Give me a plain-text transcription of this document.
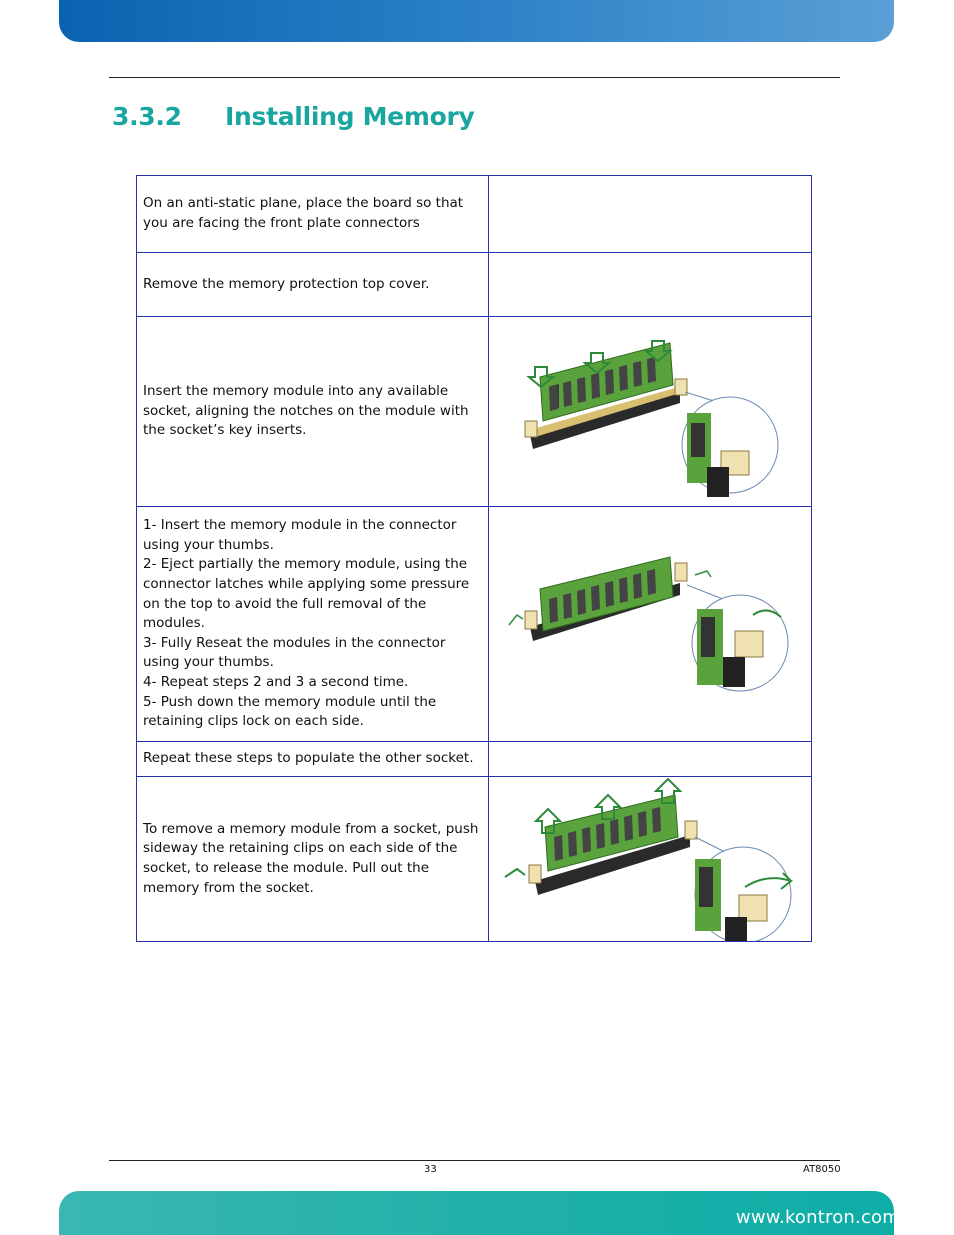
3.3.2 Installing Memory
On an anti-static plane, place the board so that you are facing the front plate connectors	
Remove the memory protection top cover.	
Insert the memory module into any available socket, aligning the notches on the module with the socket’s key inserts.	

1- Insert the memory module in the connector using your thumbs.
2- Eject partially the memory module, using the connector latches while applying some pressure on the top to avoid the full removal of the modules.
3- Fully Reseat the modules in the connector using your thumbs.
4- Repeat steps 2 and 3 a second time.
5- Push down the memory module until the retaining clips lock on each side.	

Repeat these steps to populate the other socket.	
To remove a memory module from a socket, push sideway the retaining clips on each side of the socket, to release the module. Pull out the memory from the socket.	
33	AT8050
www.kontron.com
